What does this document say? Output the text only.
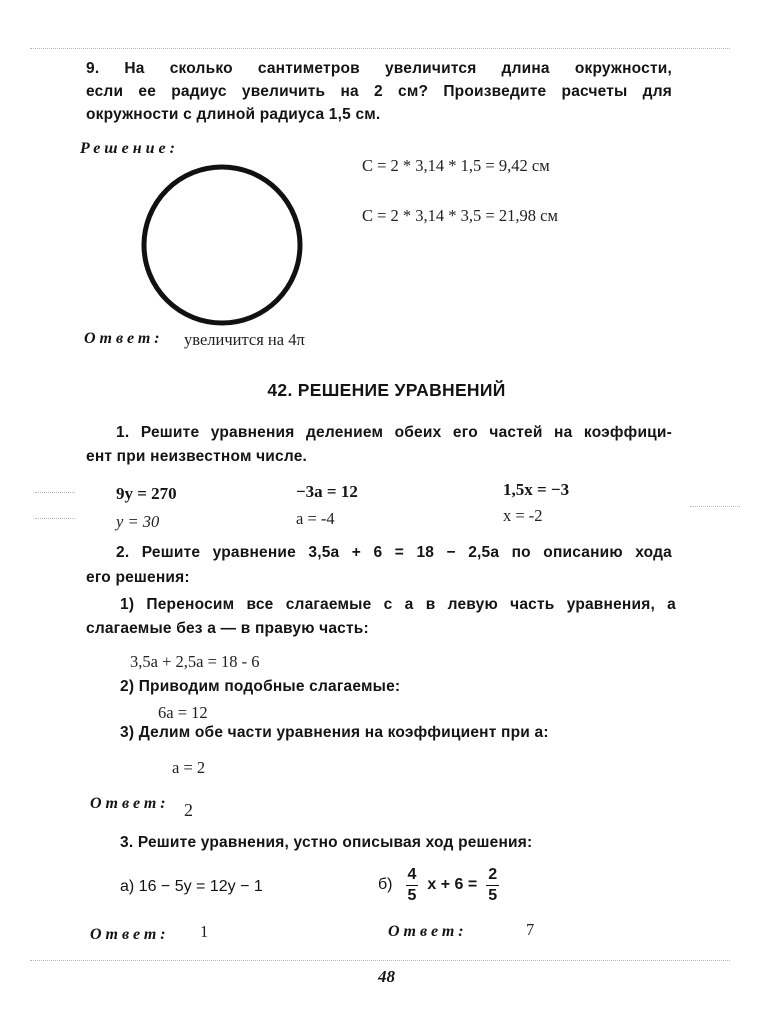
9. На сколько сантиметров увеличится длина окружности,
если ее радиус увеличить на 2 см? Произведите расчеты для
окружности с длиной радиуса 1,5 см.
Решение:
С = 2 * 3,14 * 1,5 = 9,42 см
С = 2 * 3,14 * 3,5 = 21,98 см
Ответ: увеличится на 4π
42. РЕШЕНИЕ УРАВНЕНИЙ
1. Решите уравнения делением обеих его частей на коэффици-
ент при неизвестном числе.
9y = 270
y = 30
−3a = 12
a = -4
1,5x = −3
x = -2
2. Решите уравнение 3,5a + 6 = 18 − 2,5a по описанию хода
его решения:
1) Переносим все слагаемые с a в левую часть уравнения, а
слагаемые без a — в правую часть:
3,5a + 2,5a = 18 - 6
2) Приводим подобные слагаемые:
6a = 12
3) Делим обе части уравнения на коэффициент при a:
a = 2
Ответ: 2
3. Решите уравнения, устно описывая ход решения:
а) 16 − 5y = 12y − 1	$б) \frac{4}{5}$ $x + 6 = \frac{2}{5}$
Ответ: 1	Ответ:	7
48
